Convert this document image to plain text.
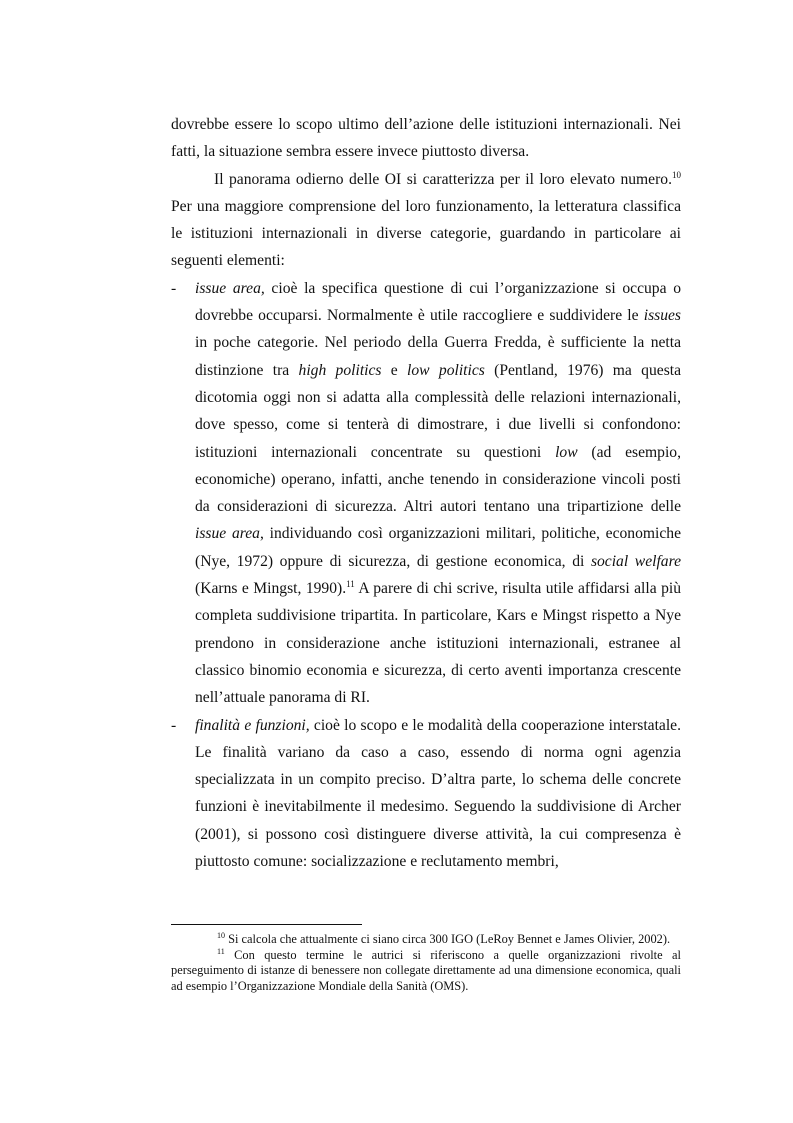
dovrebbe essere lo scopo ultimo dell’azione delle istituzioni internazionali. Nei fatti, la situazione sembra essere invece piuttosto diversa.

Il panorama odierno delle OI si caratterizza per il loro elevato numero.$^{10}$ Per una maggiore comprensione del loro funzionamento, la letteratura classifica le istituzioni internazionali in diverse categorie, guardando in particolare ai seguenti elementi:

- issue area, cioè la specifica questione di cui l’organizzazione si occupa o dovrebbe occuparsi. Normalmente è utile raccogliere e suddividere le issues in poche categorie. Nel periodo della Guerra Fredda, è sufficiente la netta distinzione tra high politics e low politics (Pentland, 1976) ma questa dicotomia oggi non si adatta alla complessità delle relazioni internazionali, dove spesso, come si tenterà di dimostrare, i due livelli si confondono: istituzioni internazionali concentrate su questioni low (ad esempio, economiche) operano, infatti, anche tenendo in considerazione vincoli posti da considerazioni di sicurezza. Altri autori tentano una tripartizione delle issue area, individuando così organizzazioni militari, politiche, economiche (Nye, 1972) oppure di sicurezza, di gestione economica, di social welfare (Karns e Mingst, 1990).$^{11}$ A parere di chi scrive, risulta utile affidarsi alla più completa suddivisione tripartita. In particolare, Kars e Mingst rispetto a Nye prendono in considerazione anche istituzioni internazionali, estranee al classico binomio economia e sicurezza, di certo aventi importanza crescente nell’attuale panorama di RI.
- finalità e funzioni, cioè lo scopo e le modalità della cooperazione interstatale. Le finalità variano da caso a caso, essendo di norma ogni agenzia specializzata in un compito preciso. D’altra parte, lo schema delle concrete funzioni è inevitabilmente il medesimo. Seguendo la suddivisione di Archer (2001), si possono così distinguere diverse attività, la cui compresenza è piuttosto comune: socializzazione e reclutamento membri,

$^{10}$ Si calcola che attualmente ci siano circa 300 IGO (LeRoy Bennet e James Olivier, 2002).

$^{11}$ Con questo termine le autrici si riferiscono a quelle organizzazioni rivolte al perseguimento di istanze di benessere non collegate direttamente ad una dimensione economica, quali ad esempio l’Organizzazione Mondiale della Sanità (OMS).
